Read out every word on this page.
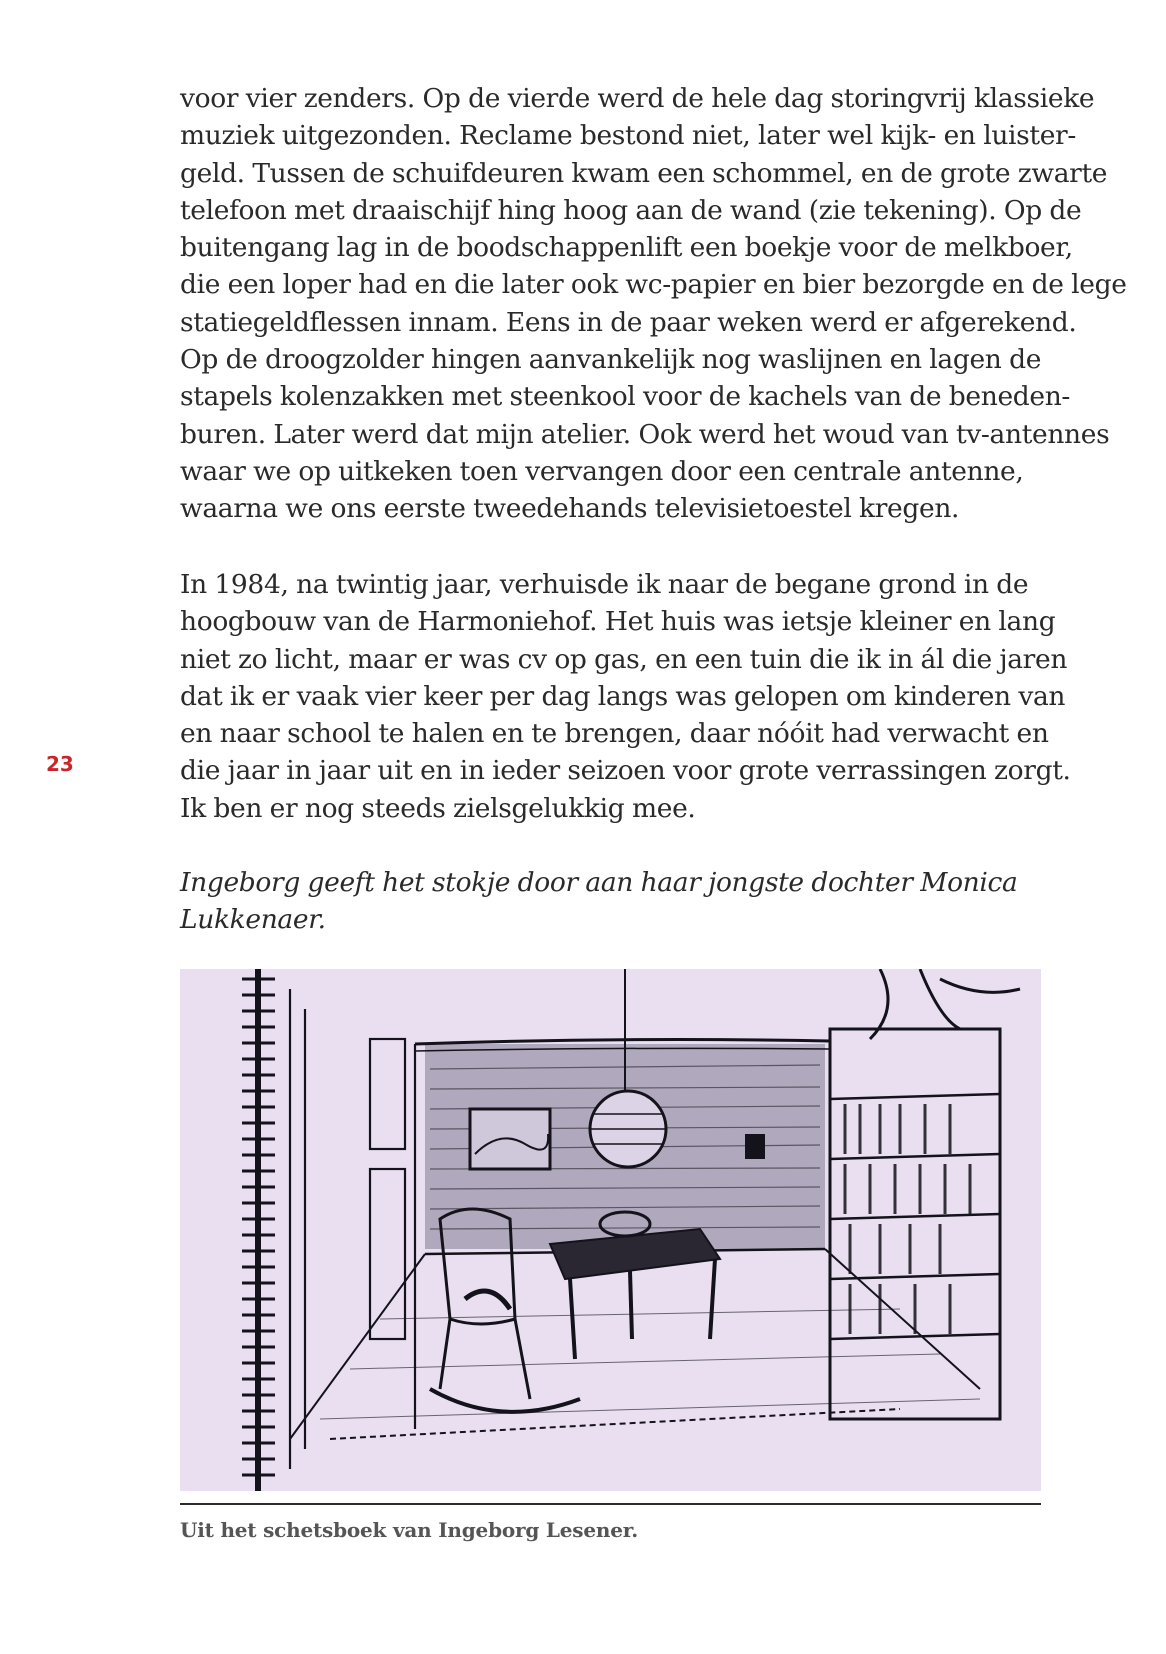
voor vier zenders. Op de vierde werd de hele dag storingvrij klassieke
muziek uitgezonden. Reclame bestond niet, later wel kijk- en luister-
geld. Tussen de schuifdeuren kwam een schommel, en de grote zwarte
telefoon met draaischijf hing hoog aan de wand (zie tekening). Op de
buitengang lag in de boodschappenlift een boekje voor de melkboer,
die een loper had en die later ook wc-papier en bier bezorgde en de lege
statiegeldflessen innam. Eens in de paar weken werd er afgerekend.
Op de droogzolder hingen aanvankelijk nog waslijnen en lagen de
stapels kolenzakken met steenkool voor de kachels van de beneden-
buren. Later werd dat mijn atelier. Ook werd het woud van tv-antennes
waar we op uitkeken toen vervangen door een centrale antenne,
waarna we ons eerste tweedehands televisietoestel kregen.
In 1984, na twintig jaar, verhuisde ik naar de begane grond in de
hoogbouw van de Harmoniehof. Het huis was ietsje kleiner en lang
niet zo licht, maar er was cv op gas, en een tuin die ik in ál die jaren
dat ik er vaak vier keer per dag langs was gelopen om kinderen van
en naar school te halen en te brengen, daar nóóit had verwacht en
die jaar in jaar uit en in ieder seizoen voor grote verrassingen zorgt.
Ik ben er nog steeds zielsgelukkig mee.
23
Ingeborg geeft het stokje door aan haar jongste dochter Monica
Lukkenaer.
Uit het schetsboek van Ingeborg Lesener.
